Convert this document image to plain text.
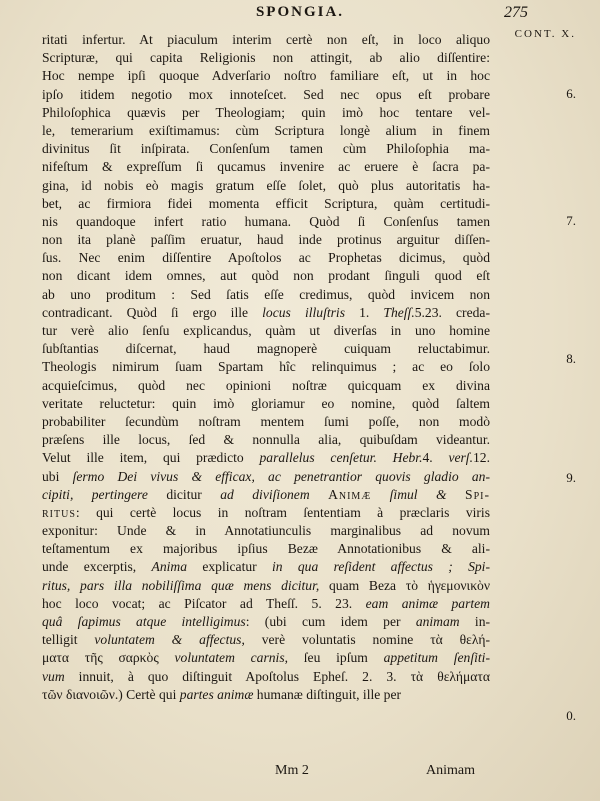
SPONGIA.	275
CONT. X.
6.
7.
8.
9.
0.
ritati infertur. At piaculum interim certè non eſt, in loco aliquo
Scripturæ, qui capita Religionis non attingit, ab alio diſſentire:
Hoc nempe ipſi quoque Adverſario noſtro familiare eſt, ut in hoc
ipſo itidem negotio mox innoteſcet. Sed nec opus eſt probare
Philoſophica quævis per Theologiam; quin imò hoc tentare vel-
le, temerarium exiſtimamus: cùm Scriptura longè alium in finem
divinitus ſit inſpirata. Conſenſum tamen cùm Philoſophia ma-
nifeſtum & expreſſum ſi qucamus invenire ac eruere è ſacra pa-
gina, id nobis eò magis gratum eſſe ſolet, quò plus autoritatis ha-
bet, ac firmiora fidei momenta efficit Scriptura, quàm certitudi-
nis quandoque infert ratio humana. Quòd ſi Conſenſus tamen
non ita planè paſſim eruatur, haud inde protinus arguitur diſſen-
ſus. Nec enim diſſentire Apoſtolos ac Prophetas dicimus, quòd
non dicant idem omnes, aut quòd non prodant ſinguli quod eſt
ab uno proditum : Sed ſatis eſſe credimus, quòd invicem non
contradicant. Quòd ſi ergo ille locus illuſtris 1. Theſſ.5.23. creda-
tur verè alio ſenſu explicandus, quàm ut diverſas in uno homine
ſubſtantias diſcernat, haud magnoperè cuiquam reluctabimur.
Theologis nimirum ſuam Spartam hîc relinquimus ; ac eo ſolo
acquieſcimus, quòd nec opinioni noſtræ quicquam ex divina
veritate reluctetur: quin imò gloriamur eo nomine, quòd ſaltem
probabiliter ſecundùm noſtram mentem ſumi poſſe, non modò
præſens ille locus, ſed & nonnulla alia, quibuſdam videantur.
Velut ille item, qui prædicto parallelus cenſetur. Hebr.4. verſ.12.
ubi ſermo Dei vivus & efficax, ac penetrantior quovis gladio an-
cipiti, pertingere dicitur ad diviſionem Animæ ſimul & Spi-
ritus: qui certè locus in noſtram ſententiam à præclaris viris
exponitur: Unde & in Annotatiunculis marginalibus ad novum
teſtamentum ex majoribus ipſius Bezæ Annotationibus & ali-
unde excerptis, Anima explicatur in qua reſident affectus ; Spi-
ritus, pars illa nobiliſſima quæ mens dicitur, quam Beza τὸ ἡγεμονικὸν
hoc loco vocat; ac Piſcator ad Theſſ. 5. 23. eam animæ partem
quâ ſapimus atque intelligimus: (ubi cum idem per animam in-
telligit voluntatem & affectus, verè voluntatis nomine τὰ θελή-
ματα τῆς σαρκὸς voluntatem carnis, ſeu ipſum appetitum ſenſiti-
vum innuit, à quo diſtinguit Apoſtolus Epheſ. 2. 3. τὰ θελήματα
τῶν διανοιῶν.) Certè qui partes animæ humanæ diſtinguit, ille per
Mm 2	Animam
